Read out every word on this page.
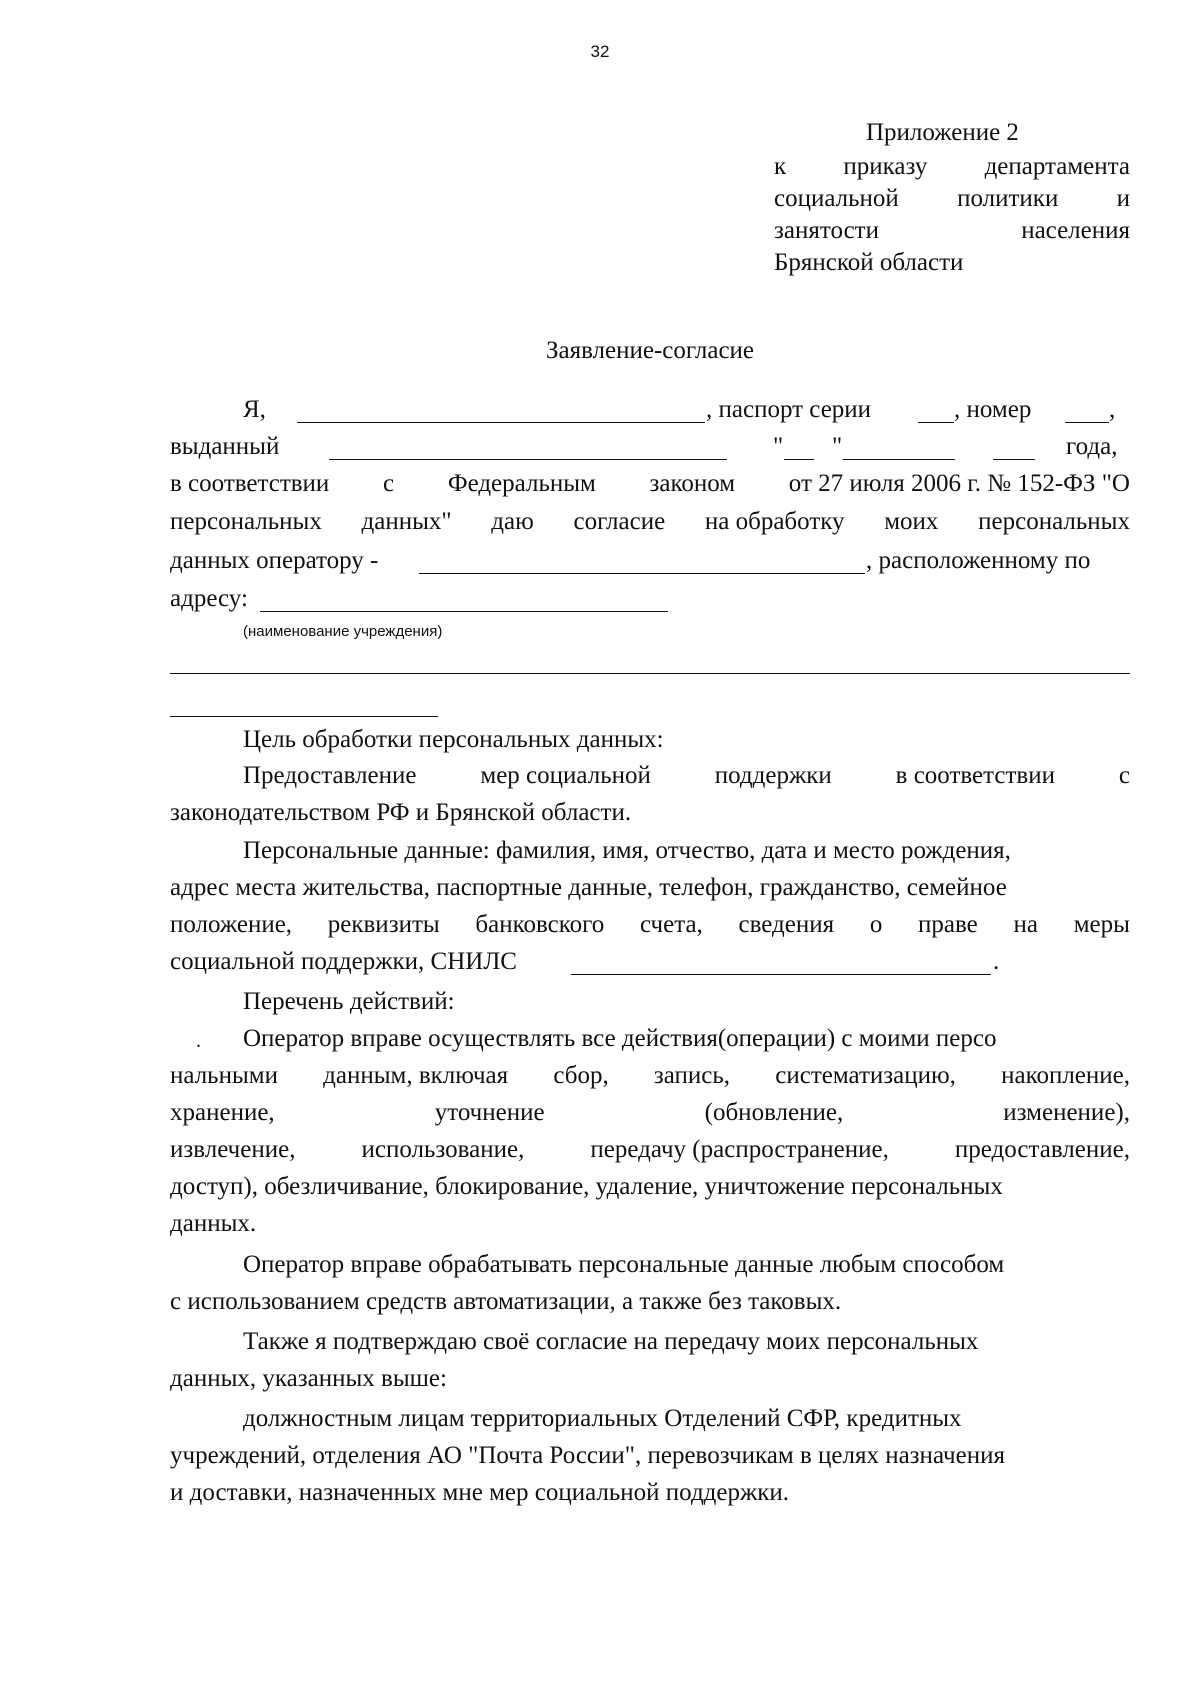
32
Приложение 2
к приказу департамента
социальной политики и
занятости	населения
Брянской области
Заявление-согласие
Я,	, паспорт серии	, номер	,
выданный	" "	года,
в соответствии с Федеральным законом от 27 июля 2006 г. № 152-ФЗ "О
персональных данных" даю согласие на обработку моих персональных
данных оператору -	, расположенному по
адресу:
(наименование учреждения)
Цель обработки персональных данных:
Предоставление	мер социальной	поддержки	в соответствии	с
законодательством РФ и Брянской области.
Персональные данные: фамилия, имя, отчество, дата и место рождения,
адрес места жительства, паспортные данные, телефон, гражданство, семейное
положение, реквизиты банковского счета, сведения о праве на меры
социальной поддержки, СНИЛС	.
Перечень действий:
. Оператор вправе осуществлять все действия(операции) с моими персо
нальными данным, включая сбор, запись, систематизацию, накопление,
хранение,	уточнение	(обновление,	изменение),
извлечение,	использование,	передачу (распространение,	предоставление,
доступ), обезличивание, блокирование, удаление, уничтожение персональных
данных.
Оператор вправе обрабатывать персональные данные любым способом
с использованием средств автоматизации, а также без таковых.
Также я подтверждаю своё согласие на передачу моих персональных
данных, указанных выше:
должностным лицам территориальных Отделений СФР, кредитных
учреждений, отделения АО "Почта России", перевозчикам в целях назначения
и доставки, назначенных мне мер социальной поддержки.
